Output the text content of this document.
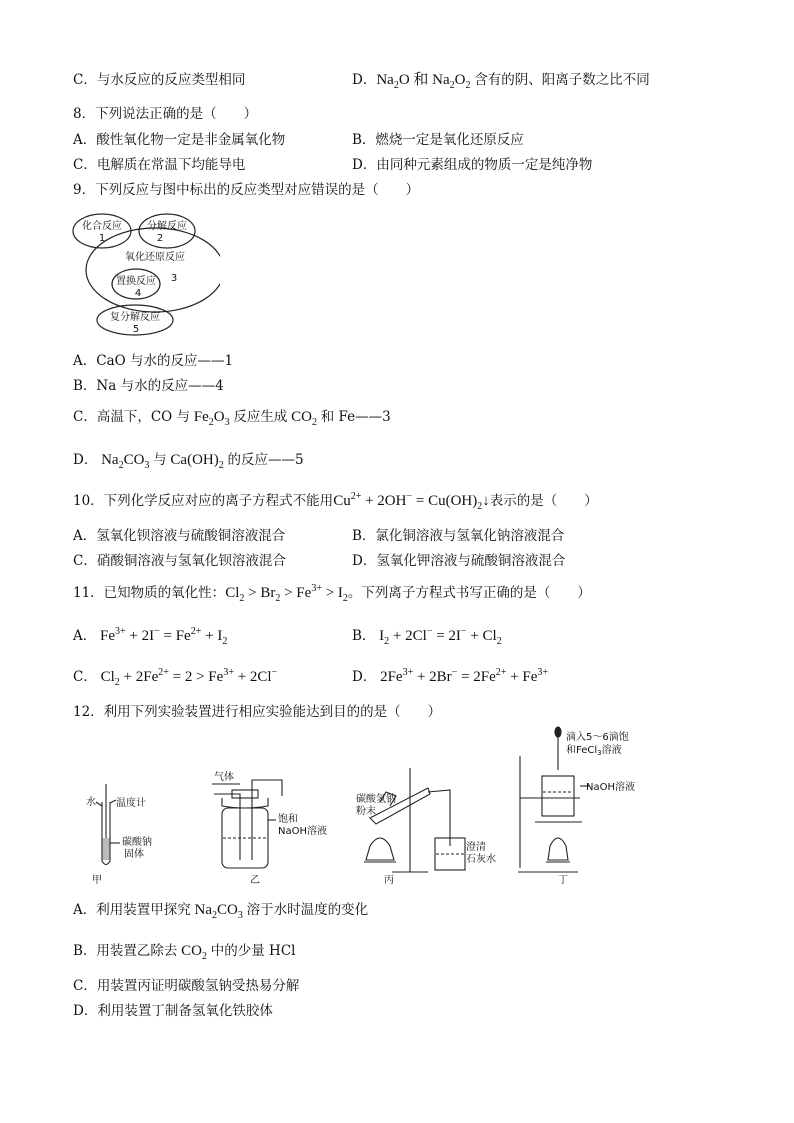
C．与水反应的反应类型相同	D．$Na_2O$ 和 $Na_2O_2$ 含有的阴、阳离子数之比不同
8．下列说法正确的是（　　）
A．酸性氧化物一定是非金属氧化物	B．燃烧一定是氧化还原反应
C．电解质在常温下均能导电	D．由同种元素组成的物质一定是纯净物
9．下列反应与图中标出的反应类型对应错误的是（　　）
化合反应
1
分解反应
2
氧化还原反应
3
置换反应
4
复分解反应
5
A．CaO 与水的反应——1
B．Na 与水的反应——4
C．高温下，CO 与 $Fe_2O_3$ 反应生成 $CO_2$ 和 Fe——3
D． $Na_2CO_3$ 与 $Ca(OH)_2$ 的反应——5
10．下列化学反应对应的离子方程式不能用$Cu^{2+} + 2OH^-$ = $Cu(OH)_2↓$表示的是（　　）
A．氢氧化钡溶液与硫酸铜溶液混合	B．氯化铜溶液与氢氧化钠溶液混合
C．硝酸铜溶液与氢氧化钡溶液混合	D．氢氧化钾溶液与硫酸铜溶液混合
11．已知物质的氧化性：$Cl_2 > Br_2 > Fe^{3+} > I_2$。下列离子方程式书写正确的是（　　）
A． $Fe^{3+} + 2I^- = Fe^{2+} + I_2$	B． $I_2 + 2Cl^- = 2I^- + Cl_2$
C． $Cl_2 + 2Fe^{2+} = 2 > Fe^{3+} + 2Cl^-$	D． $2Fe^{3+} + 2Br^- = 2Fe^{2+} + Fe^{3+}$
12．利用下列实验装置进行相应实验能达到目的的是（　　）
水 温度计
碳酸钠
固体
甲
气体
饱和
NaOH溶液
乙
碳酸氢钠
粉末
澄清
石灰水
丙
滴入5～6滴饱
和FeCl$_3$溶液
NaOH溶液
丁
A．利用装置甲探究 $Na_2CO_3$ 溶于水时温度的变化
B．用装置乙除去 $CO_2$ 中的少量 HCl
C．用装置丙证明碳酸氢钠受热易分解
D．利用装置丁制备氢氧化铁胶体
